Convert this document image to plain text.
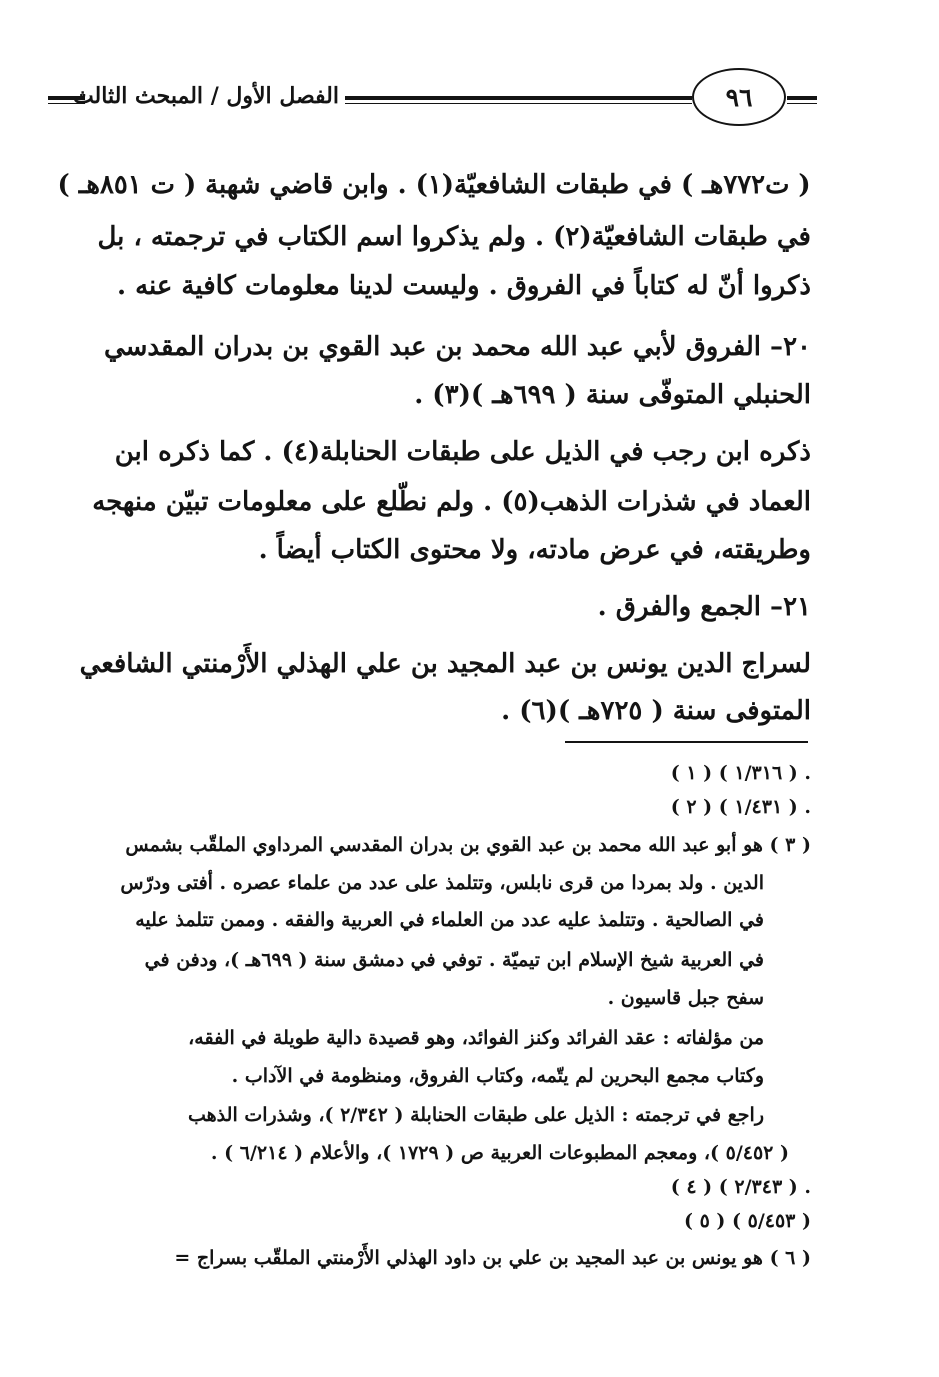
الفصل الأول / المبحث الثالث	٩٦
( ت٧٧٢هـ ) في طبقات الشافعيّة(١) . وابن قاضي شهبة ( ت ٨٥١هـ )
في طبقات الشافعيّة(٢) . ولم يذكروا اسم الكتاب في ترجمته ، بل
ذكروا أنّ له كتاباً في الفروق . وليست لدينا معلومات كافية عنه .
٢٠– الفروق لأبي عبد الله محمد بن عبد القوي بن بدران المقدسي
الحنبلي المتوفّى سنة ( ٦٩٩هـ )(٣) .
ذكره ابن رجب في الذيل على طبقات الحنابلة(٤) . كما ذكره ابن
العماد في شذرات الذهب(٥) . ولم نطّلع على معلومات تبيّن منهجه
وطريقته، في عرض مادته، ولا محتوى الكتاب أيضاً .
٢١– الجمع والفرق .
لسراج الدين يونس بن عبد المجيد بن علي الهذلي الأَرْمنتي الشافعي
المتوفى سنة ( ٧٢٥هـ )(٦) .
( ١ ) ( ١/٣١٦ ) .
( ٢ ) ( ١/٤٣١ ) .
( ٣ ) هو أبو عبد الله محمد بن عبد القوي بن بدران المقدسي المرداوي الملقّب بشمس
الدين . ولد بمردا من قرى نابلس، وتتلمذ على عدد من علماء عصره . أفتى ودرّس
في الصالحية . وتتلمذ عليه عدد من العلماء في العربية والفقه . وممن تتلمذ عليه
في العربية شيخ الإسلام ابن تيميّة . توفي في دمشق سنة ( ٦٩٩هـ )، ودفن في
سفح جبل قاسيون .
من مؤلفاته : عقد الفرائد وكنز الفوائد، وهو قصيدة دالية طويلة في الفقه،
وكتاب مجمع البحرين لم يتّمه، وكتاب الفروق، ومنظومة في الآداب .
راجع في ترجمته : الذيل على طبقات الحنابلة ( ٢/٣٤٢ )، وشذرات الذهب
( ٥/٤٥٢ )، ومعجم المطبوعات العربية ص ( ١٧٢٩ )، والأعلام ( ٦/٢١٤ ) .
( ٤ ) ( ٢/٣٤٣ ) .
( ٥ ) ( ٥/٤٥٣ )
( ٦ ) هو يونس بن عبد المجيد بن علي بن داود الهذلي الأَرْمنتي الملقّب بسراج =
